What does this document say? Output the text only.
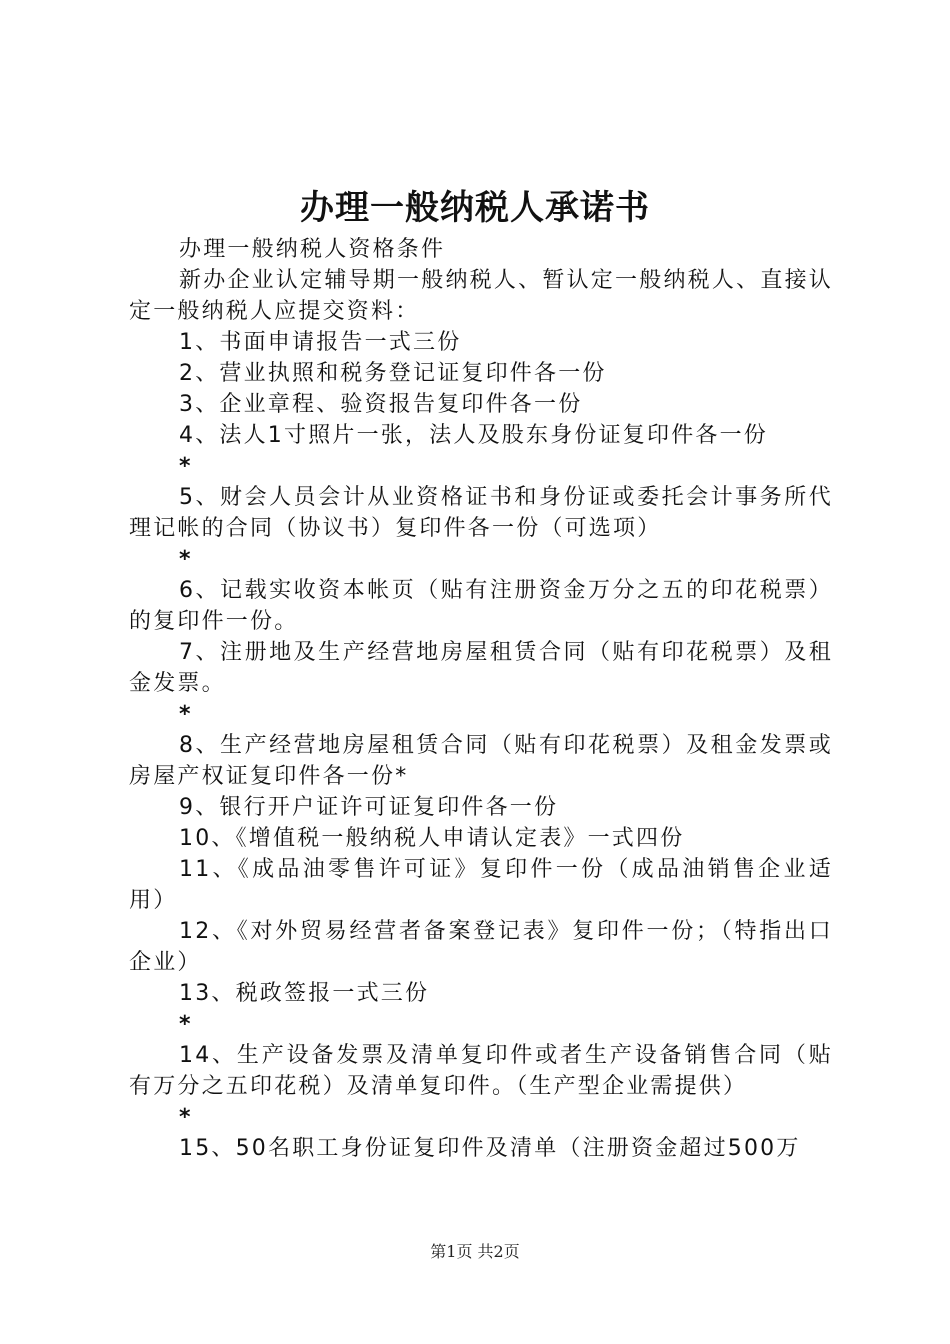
办理一般纳税人承诺书

办理一般纳税人资格条件

新办企业认定辅导期一般纳税人、暂认定一般纳税人、直接认定一般纳税人应提交资料：

1、书面申请报告一式三份

2、营业执照和税务登记证复印件各一份

3、企业章程、验资报告复印件各一份

4、法人1寸照片一张，法人及股东身份证复印件各一份

*

5、财会人员会计从业资格证书和身份证或委托会计事务所代理记帐的合同（协议书）复印件各一份（可选项）

*

6、记载实收资本帐页（贴有注册资金万分之五的印花税票）的复印件一份。

7、注册地及生产经营地房屋租赁合同（贴有印花税票）及租金发票。

*

8、生产经营地房屋租赁合同（贴有印花税票）及租金发票或房屋产权证复印件各一份*

9、银行开户证许可证复印件各一份

10、《增值税一般纳税人申请认定表》一式四份

11、《成品油零售许可证》复印件一份（成品油销售企业适用）

12、《对外贸易经营者备案登记表》复印件一份；（特指出口企业）

13、税政签报一式三份

*

14、生产设备发票及清单复印件或者生产设备销售合同（贴有万分之五印花税）及清单复印件。（生产型企业需提供）

*

15、50名职工身份证复印件及清单（注册资金超过500万

第1页 共2页
